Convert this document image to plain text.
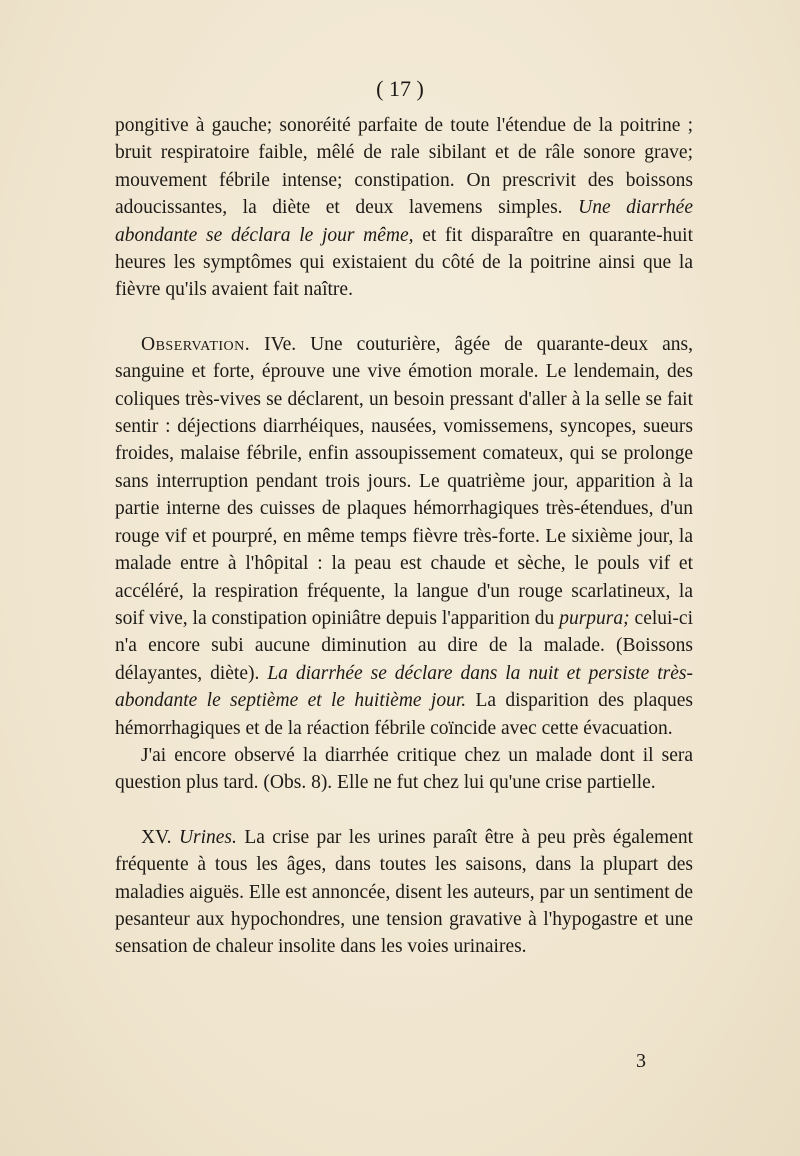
( 17 )

pongitive à gauche; sonoréité parfaite de toute l'étendue de la poitrine ; bruit respiratoire faible, mêlé de rale sibilant et de râle sonore grave; mouvement fébrile intense; constipation. On prescrivit des boissons adoucissantes, la diète et deux lavemens simples. Une diarrhée abondante se déclara le jour même, et fit disparaître en quarante-huit heures les symptômes qui existaient du côté de la poitrine ainsi que la fièvre qu'ils avaient fait naître.

Observation. IVe. Une couturière, âgée de quarante-deux ans, sanguine et forte, éprouve une vive émotion morale. Le lendemain, des coliques très-vives se déclarent, un besoin pressant d'aller à la selle se fait sentir : déjections diarrhéiques, nausées, vomissemens, syncopes, sueurs froides, malaise fébrile, enfin assoupissement comateux, qui se prolonge sans interruption pendant trois jours. Le quatrième jour, apparition à la partie interne des cuisses de plaques hémorrhagiques très-étendues, d'un rouge vif et pourpré, en même temps fièvre très-forte. Le sixième jour, la malade entre à l'hôpital : la peau est chaude et sèche, le pouls vif et accéléré, la respiration fréquente, la langue d'un rouge scarlatineux, la soif vive, la constipation opiniâtre depuis l'apparition du purpura; celui-ci n'a encore subi aucune diminution au dire de la malade. (Boissons délayantes, diète). La diarrhée se déclare dans la nuit et persiste très-abondante le septième et le huitième jour. La disparition des plaques hémorrhagiques et de la réaction fébrile coïncide avec cette évacuation.

J'ai encore observé la diarrhée critique chez un malade dont il sera question plus tard. (Obs. 8). Elle ne fut chez lui qu'une crise partielle.

XV. Urines. La crise par les urines paraît être à peu près également fréquente à tous les âges, dans toutes les saisons, dans la plupart des maladies aiguës. Elle est annoncée, disent les auteurs, par un sentiment de pesanteur aux hypochondres, une tension gravative à l'hypogastre et une sensation de chaleur insolite dans les voies urinaires.

3
